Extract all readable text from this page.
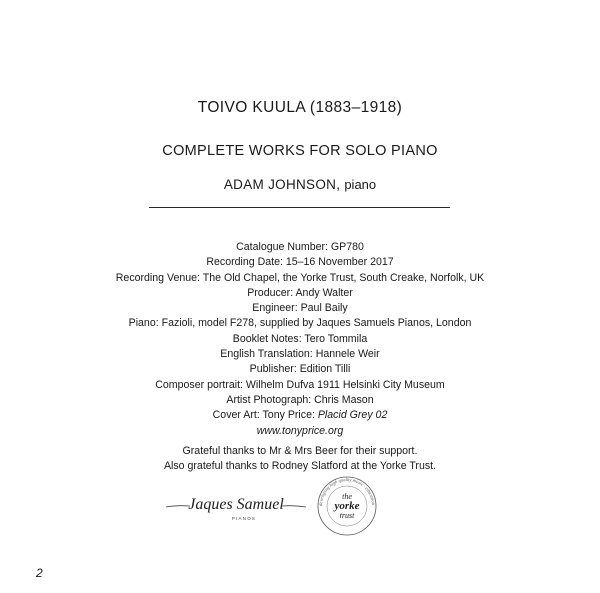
TOIVO KUULA (1883–1918)
COMPLETE WORKS FOR SOLO PIANO
ADAM JOHNSON, piano
Catalogue Number: GP780
Recording Date: 15–16 November 2017
Recording Venue: The Old Chapel, the Yorke Trust, South Creake, Norfolk, UK
Producer: Andy Walter
Engineer: Paul Baily
Piano: Fazioli, model F278, supplied by Jaques Samuels Pianos, London
Booklet Notes: Tero Tommila
English Translation: Hannele Weir
Publisher: Edition Tilli
Composer portrait: Wilhelm Dufva 1911 Helsinki City Museum
Artist Photograph: Chris Mason
Cover Art: Tony Price: Placid Grey 02
www.tonyprice.org
Grateful thanks to Mr & Mrs Beer for their support.
Also grateful thanks to Rodney Slatford at the Yorke Trust.
Jaques Samuel
PIANOS
developing high quality music · education
the
yorke
trust
2
